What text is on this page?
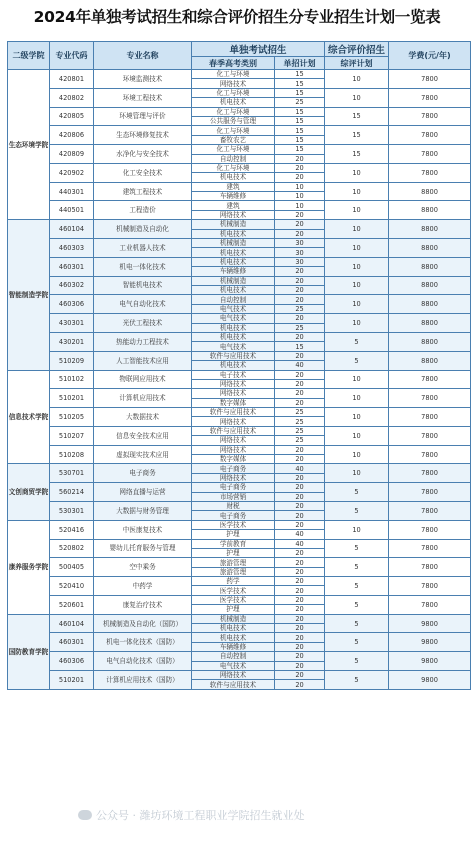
2024年单独考试招生和综合评价招生分专业招生计划一览表
二级学院	专业代码	专业名称	单独考试招生		综合评价招生	学费(元/年)
			春季高考类别	单招计划	综评计划	
生态环境学院	420801	环境监测技术	化工与环境	15	10	7800
			网络技术	15		
	420802	环境工程技术	化工与环境	15	10	7800
			机电技术	25		
	420805	环境管理与评价	化工与环境	15	15	7800
			公共服务与管理	15		
	420806	生态环境修复技术	化工与环境	15	15	7800
			畜牧农艺	15		
	420809	水净化与安全技术	化工与环境	15	15	7800
			自动控制	20		
	420902	化工安全技术	化工与环境	20	10	7800
			机电技术	20		
	440301	建筑工程技术	建筑	10	10	8800
			车辆维修	10		
	440501	工程造价	建筑	10	10	8800
			网络技术	20		
智能制造学院	460104	机械制造及自动化	机械制造	20	10	8800
			机电技术	20		
	460303	工业机器人技术	机械制造	30	10	8800
			机电技术	30		
	460301	机电一体化技术	机电技术	30	10	8800
			车辆维修	20		
	460302	智能机电技术	机械制造	20	10	8800
			机电技术	20		
	460306	电气自动化技术	自动控制	20	10	8800
			电气技术	25		
	430301	光伏工程技术	电气技术	20	10	8800
			机电技术	25		
	430201	热能动力工程技术	机电技术	20	5	8800
			电气技术	15		
	510209	人工智能技术应用	软件与应用技术	20	5	8800
			机电技术	40		
信息技术学院	510102	物联网应用技术	电子技术	20	10	7800
			网络技术	20		
	510201	计算机应用技术	网络技术	20	10	7800
			数字媒体	20		
	510205	大数据技术	软件与应用技术	25	10	7800
			网络技术	25		
	510207	信息安全技术应用	软件与应用技术	25	10	7800
			网络技术	25		
	510208	虚拟现实技术应用	网络技术	20	10	7800
			数字媒体	20		
文创商贸学院	530701	电子商务	电子商务	40	10	7800
			网络技术	20		
	560214	网络直播与运营	电子商务	20	5	7800
			市场营销	20		
	530301	大数据与财务管理	财税	20	5	7800
			电子商务	20		
康养服务学院	520416	中医康复技术	医学技术	20	10	7800
			护理	40		
	520802	婴幼儿托育服务与管理	学前教育	40	5	7800
			护理	20		
	500405	空中乘务	旅游管理	20	5	7800
			旅游管理	20		
	520410	中药学	药学	20	5	7800
			医学技术	20		
	520601	康复治疗技术	医学技术	20	5	7800
			护理	20		
国防教育学院	460104	机械制造及自动化（国防）	机械制造	20	5	9800
			机电技术	20		
	460301	机电一体化技术（国防）	机电技术	20	5	9800
			车辆维修	20		
	460306	电气自动化技术（国防）	自动控制	20	5	9800
			电气技术	20		
	510201	计算机应用技术（国防）	网络技术	20	5	9800
			软件与应用技术	20		
公众号 · 潍坊环境工程职业学院招生就业处
